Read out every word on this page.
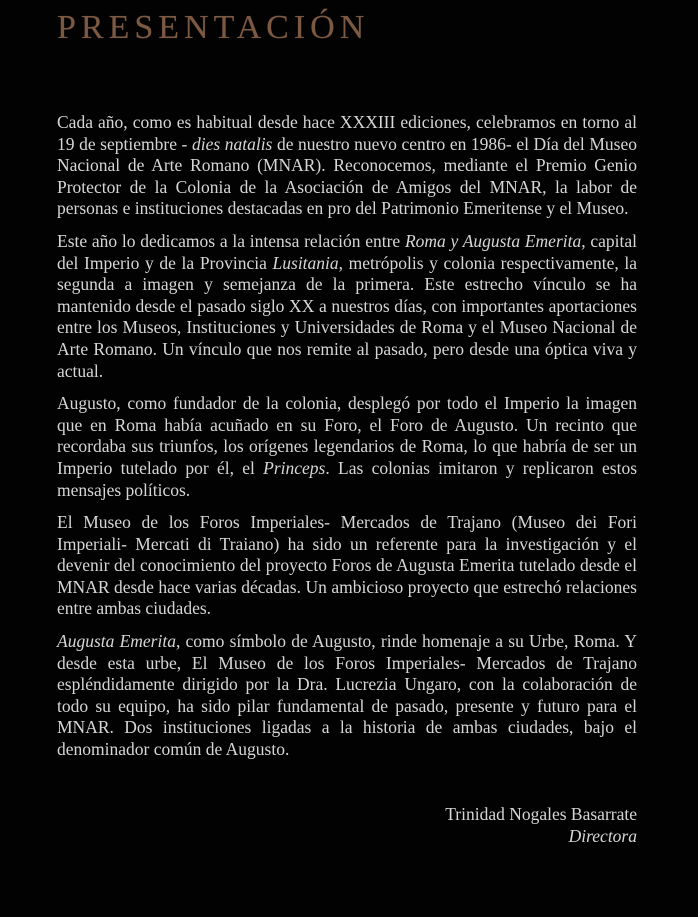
PRESENTACIÓN

Cada año, como es habitual desde hace XXXIII ediciones, celebramos en torno al 19 de septiembre - dies natalis de nuestro nuevo centro en 1986- el Día del Museo Nacional de Arte Romano (MNAR). Reconocemos, mediante el Premio Genio Protector de la Colonia de la Asociación de Amigos del MNAR, la labor de personas e instituciones destacadas en pro del Patrimonio Emeritense y el Museo.

Este año lo dedicamos a la intensa relación entre Roma y Augusta Emerita, capital del Imperio y de la Provincia Lusitania, metrópolis y colonia respectivamente, la segunda a imagen y semejanza de la primera. Este estrecho vínculo se ha mantenido desde el pasado siglo XX a nuestros días, con importantes aportaciones entre los Museos, Instituciones y Universidades de Roma y el Museo Nacional de Arte Romano. Un vínculo que nos remite al pasado, pero desde una óptica viva y actual.

Augusto, como fundador de la colonia, desplegó por todo el Imperio la imagen que en Roma había acuñado en su Foro, el Foro de Augusto. Un recinto que recordaba sus triunfos, los orígenes legendarios de Roma, lo que habría de ser un Imperio tutelado por él, el Princeps. Las colonias imitaron y replicaron estos mensajes políticos.

El Museo de los Foros Imperiales- Mercados de Trajano (Museo dei Fori Imperiali- Mercati di Traiano) ha sido un referente para la investigación y el devenir del conocimiento del proyecto Foros de Augusta Emerita tutelado desde el MNAR desde hace varias décadas. Un ambicioso proyecto que estrechó relaciones entre ambas ciudades.

Augusta Emerita, como símbolo de Augusto, rinde homenaje a su Urbe, Roma. Y desde esta urbe, El Museo de los Foros Imperiales- Mercados de Trajano espléndidamente dirigido por la Dra. Lucrezia Ungaro, con la colaboración de todo su equipo, ha sido pilar fundamental de pasado, presente y futuro para el MNAR. Dos instituciones ligadas a la historia de ambas ciudades, bajo el denominador común de Augusto.

Trinidad Nogales Basarrate
Directora
